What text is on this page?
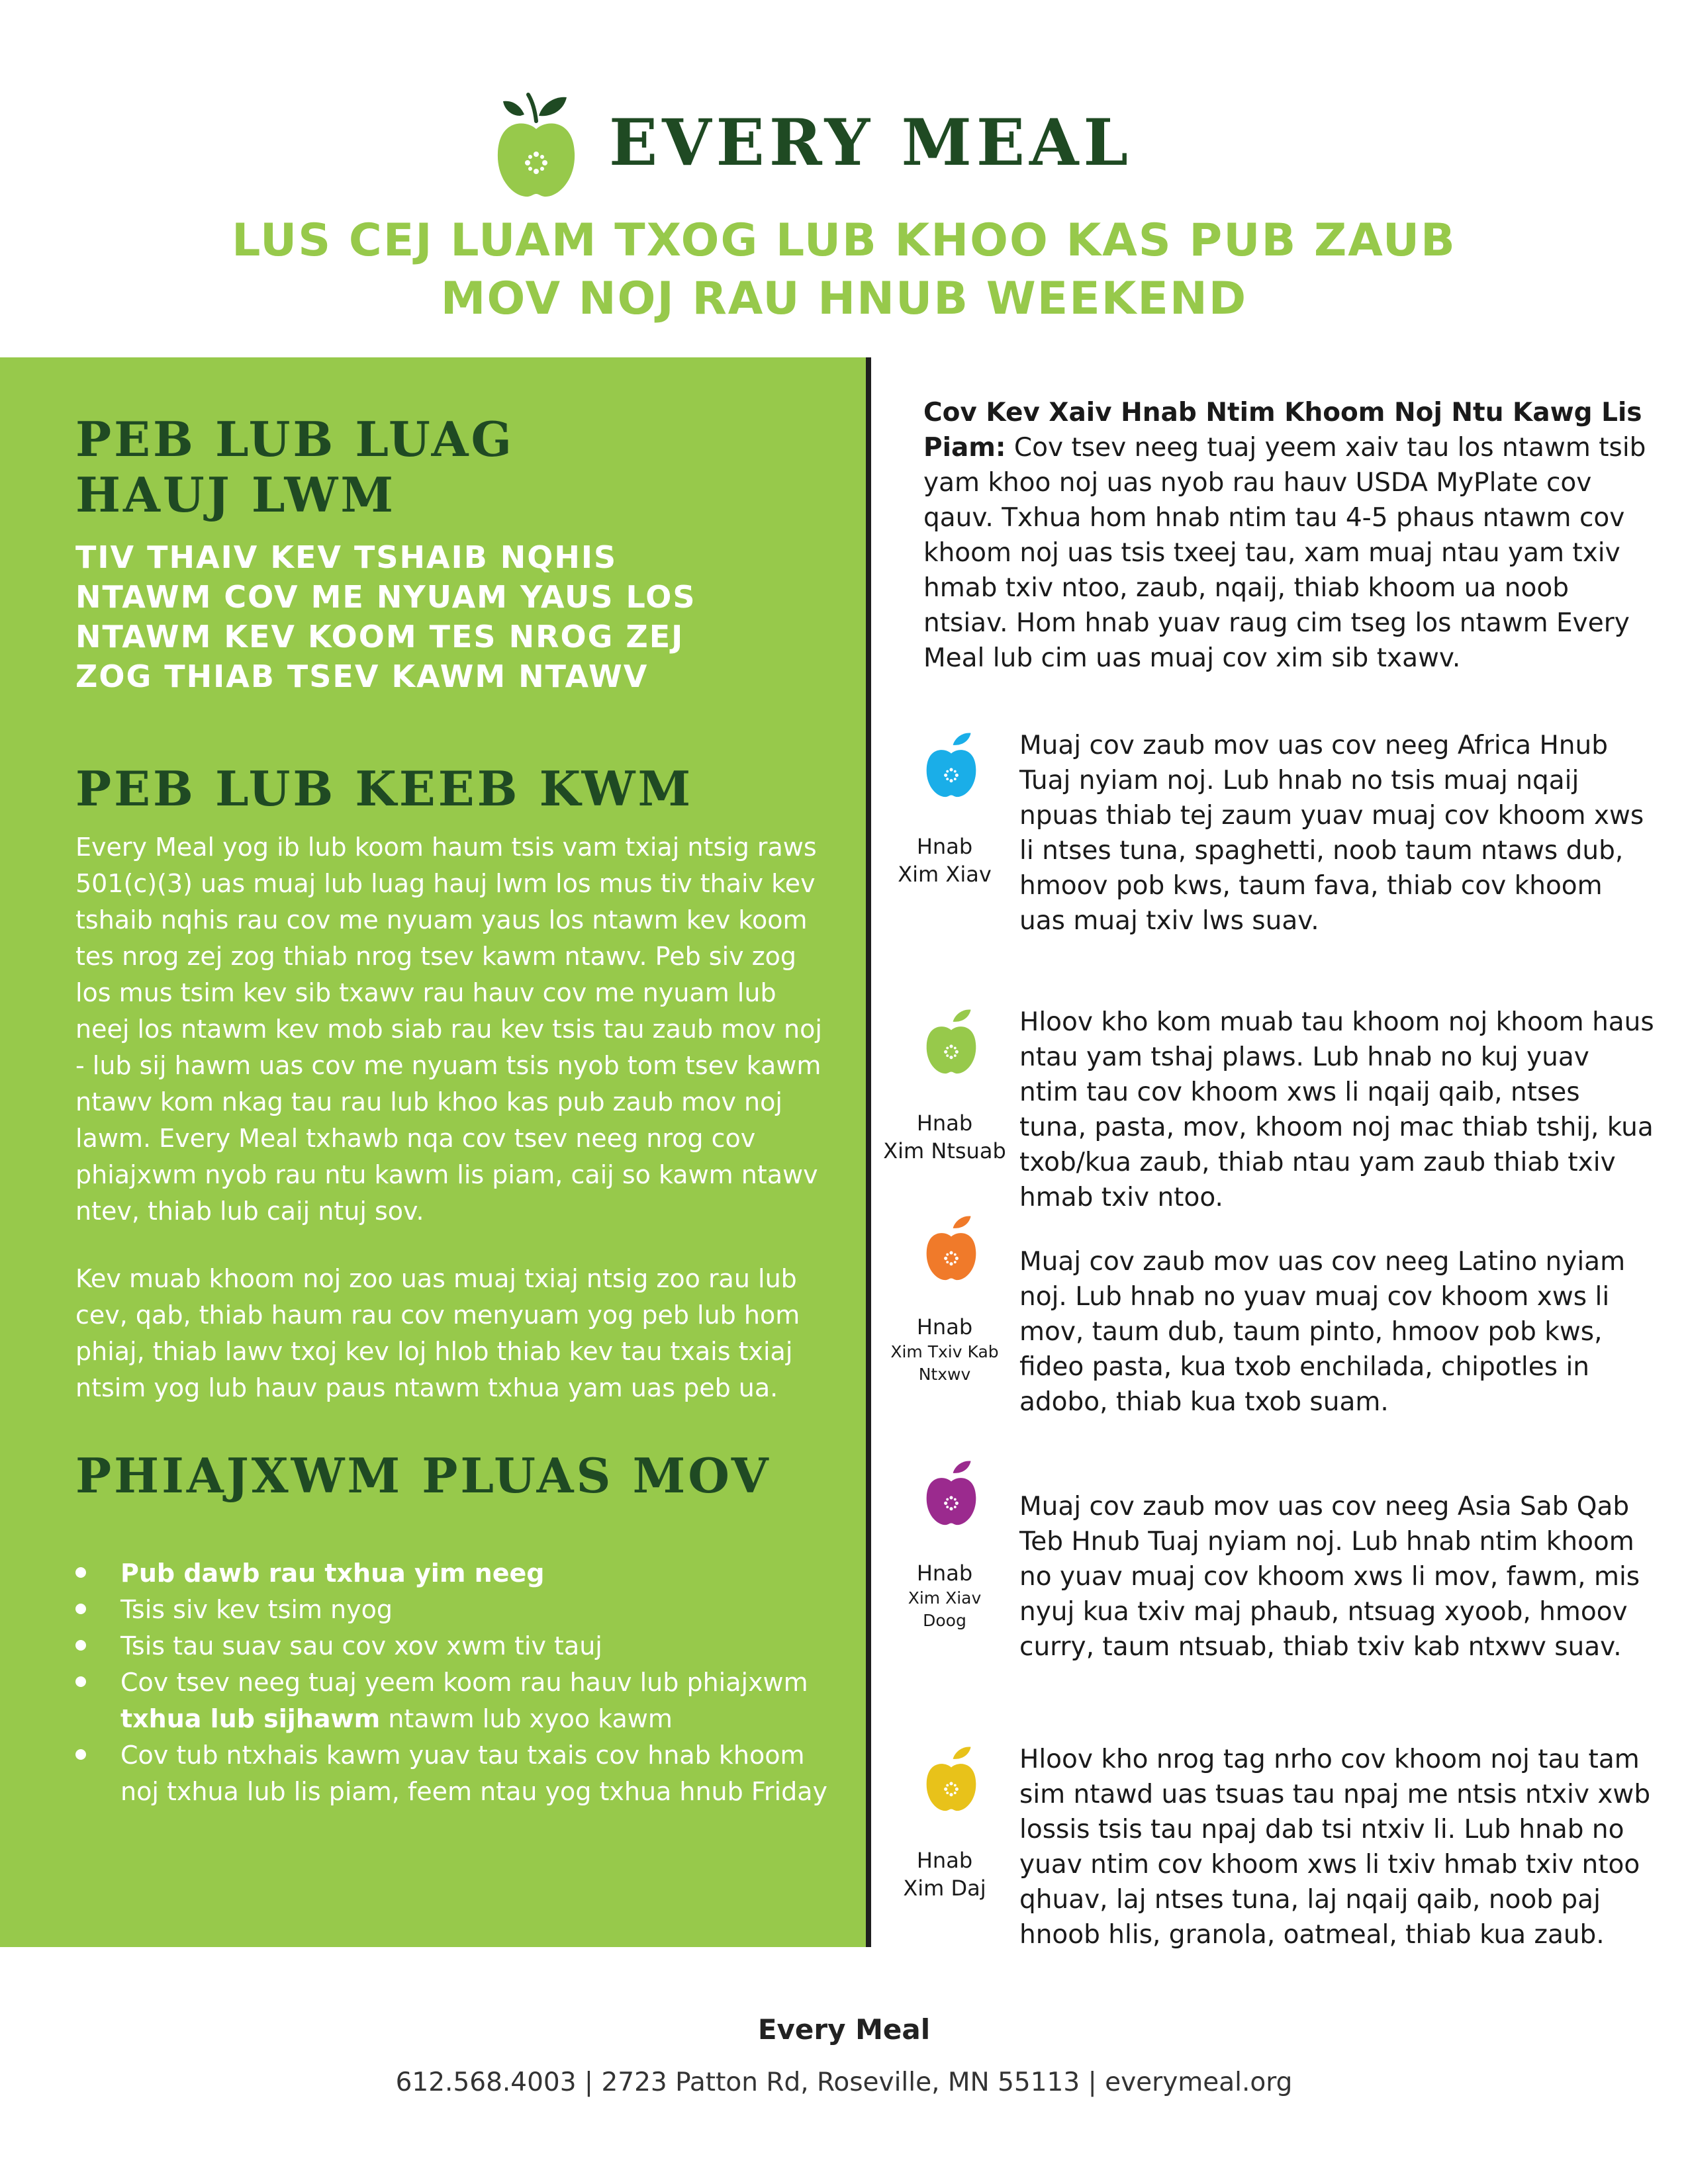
EVERY MEAL
LUS CEJ LUAM TXOG LUB KHOO KAS PUB ZAUB
MOV NOJ RAU HNUB WEEKEND
PEB LUB LUAG
HAUJ LWM
TIV THAIV KEV TSHAIB NQHIS
NTAWM COV ME NYUAM YAUS LOS
NTAWM KEV KOOM TES NROG ZEJ
ZOG THIAB TSEV KAWM NTAWV
PEB LUB KEEB KWM
Every Meal yog ib lub koom haum tsis vam txiaj ntsig raws 501(c)(3) uas muaj lub luag hauj lwm los mus tiv thaiv kev tshaib nqhis rau cov me nyuam yaus los ntawm kev koom tes nrog zej zog thiab nrog tsev kawm ntawv. Peb siv zog los mus tsim kev sib txawv rau hauv cov me nyuam lub neej los ntawm kev mob siab rau kev tsis tau zaub mov noj - lub sij hawm uas cov me nyuam tsis nyob tom tsev kawm ntawv kom nkag tau rau lub khoo kas pub zaub mov noj lawm. Every Meal txhawb nqa cov tsev neeg nrog cov phiajxwm nyob rau ntu kawm lis piam, caij so kawm ntawv ntev, thiab lub caij ntuj sov.
Kev muab khoom noj zoo uas muaj txiaj ntsig zoo rau lub cev, qab, thiab haum rau cov menyuam yog peb lub hom phiaj, thiab lawv txoj kev loj hlob thiab kev tau txais txiaj ntsim yog lub hauv paus ntawm txhua yam uas peb ua.
PHIAJXWM PLUAS MOV
Pub dawb rau txhua yim neeg
Tsis siv kev tsim nyog
Tsis tau suav sau cov xov xwm tiv tauj
Cov tsev neeg tuaj yeem koom rau hauv lub phiajxwm txhua lub sijhawm ntawm lub xyoo kawm
Cov tub ntxhais kawm yuav tau txais cov hnab khoom noj txhua lub lis piam, feem ntau yog txhua hnub Friday
Cov Kev Xaiv Hnab Ntim Khoom Noj Ntu Kawg Lis Piam: Cov tsev neeg tuaj yeem xaiv tau los ntawm tsib yam khoo noj uas nyob rau hauv USDA MyPlate cov qauv. Txhua hom hnab ntim tau 4-5 phaus ntawm cov khoom noj uas tsis txeej tau, xam muaj ntau yam txiv hmab txiv ntoo, zaub, nqaij, thiab khoom ua noob ntsiav. Hom hnab yuav raug cim tseg los ntawm Every Meal lub cim uas muaj cov xim sib txawv.
Hnab
Xim Xiav
Muaj cov zaub mov uas cov neeg Africa Hnub Tuaj nyiam noj. Lub hnab no tsis muaj nqaij npuas thiab tej zaum yuav muaj cov khoom xws li ntses tuna, spaghetti, noob taum ntaws dub, hmoov pob kws, taum fava, thiab cov khoom uas muaj txiv lws suav.
Hnab
Xim Ntsuab
Hloov kho kom muab tau khoom noj khoom haus ntau yam tshaj plaws. Lub hnab no kuj yuav ntim tau cov khoom xws li nqaij qaib, ntses tuna, pasta, mov, khoom noj mac thiab tshij, kua txob/kua zaub, thiab ntau yam zaub thiab txiv hmab txiv ntoo.
Hnab
Xim Txiv Kab
Ntxwv
Muaj cov zaub mov uas cov neeg Latino nyiam noj. Lub hnab no yuav muaj cov khoom xws li mov, taum dub, taum pinto, hmoov pob kws, fideo pasta, kua txob enchilada, chipotles in adobo, thiab kua txob suam.
Hnab
Xim Xiav
Doog
Muaj cov zaub mov uas cov neeg Asia Sab Qab Teb Hnub Tuaj nyiam noj. Lub hnab ntim khoom no yuav muaj cov khoom xws li mov, fawm, mis nyuj kua txiv maj phaub, ntsuag xyoob, hmoov curry, taum ntsuab, thiab txiv kab ntxwv suav.
Hnab
Xim Daj
Hloov kho nrog tag nrho cov khoom noj tau tam sim ntawd uas tsuas tau npaj me ntsis ntxiv xwb lossis tsis tau npaj dab tsi ntxiv li. Lub hnab no yuav ntim cov khoom xws li txiv hmab txiv ntoo qhuav, laj ntses tuna, laj nqaij qaib, noob paj hnoob hlis, granola, oatmeal, thiab kua zaub.
Every Meal
612.568.4003 | 2723 Patton Rd, Roseville, MN 55113 | everymeal.org
